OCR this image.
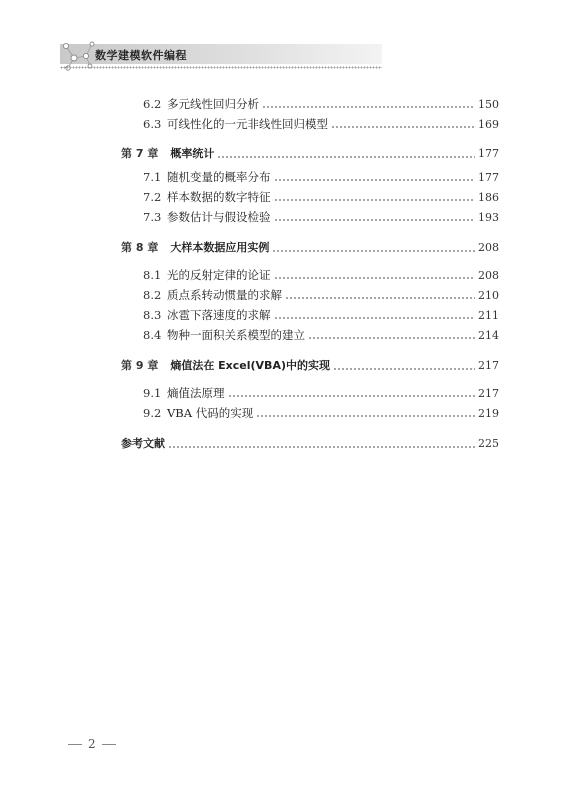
数学建模软件编程
6.2 多元线性回归分析	150
6.3 可线性化的一元非线性回归模型	169
第 7 章 概率统计	177
7.1 随机变量的概率分布	177
7.2 样本数据的数字特征	186
7.3 参数估计与假设检验	193
第 8 章 大样本数据应用实例	208
8.1 光的反射定律的论证	208
8.2 质点系转动惯量的求解	210
8.3 冰雹下落速度的求解	211
8.4 物种一面积关系模型的建立	214
第 9 章 熵值法在 Excel(VBA)中的实现	217
9.1 熵值法原理	217
9.2 VBA 代码的实现	219
参考文献	225
2
